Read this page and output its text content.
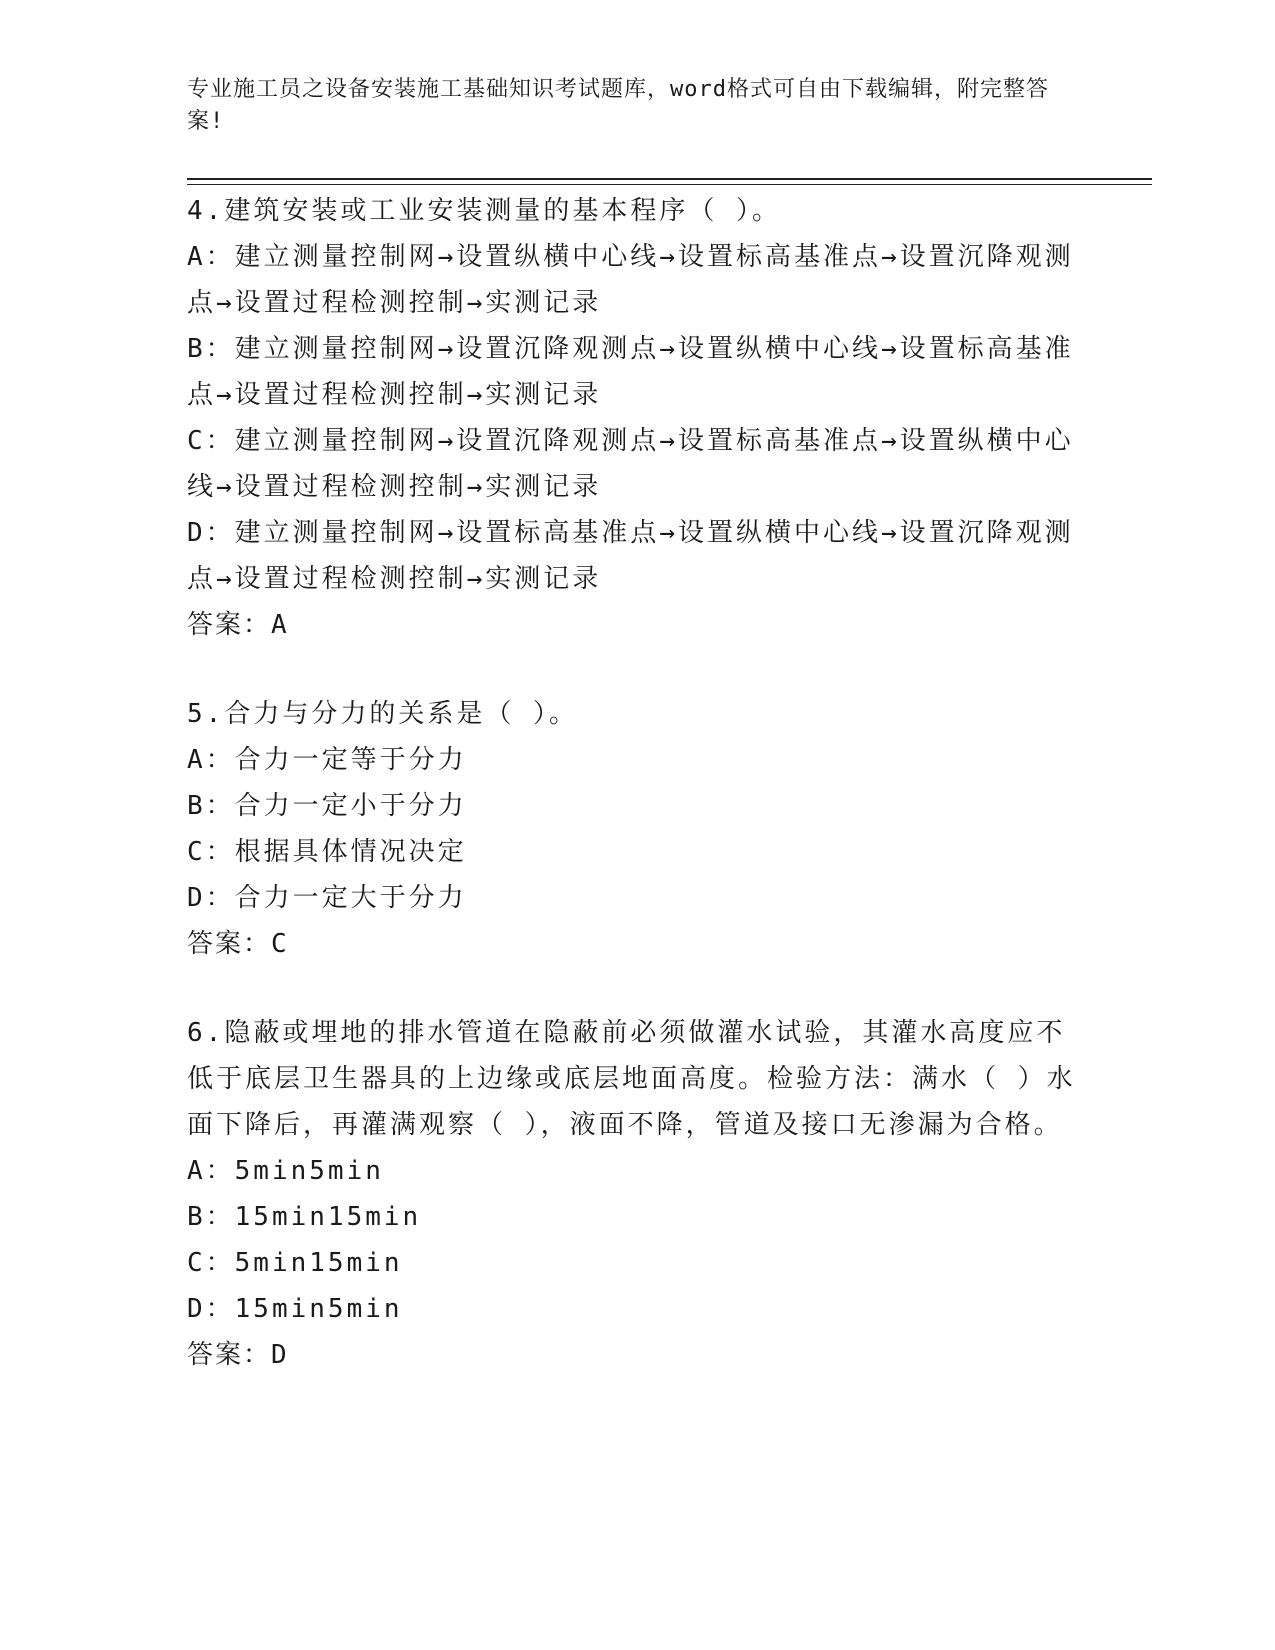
专业施工员之设备安装施工基础知识考试题库，word格式可自由下载编辑，附完整答案!
4.建筑安装或工业安装测量的基本程序（ ）。
A：建立测量控制网→设置纵横中心线→设置标高基准点→设置沉降观测点→设置过程检测控制→实测记录
B：建立测量控制网→设置沉降观测点→设置纵横中心线→设置标高基准点→设置过程检测控制→实测记录
C：建立测量控制网→设置沉降观测点→设置标高基准点→设置纵横中心线→设置过程检测控制→实测记录
D：建立测量控制网→设置标高基准点→设置纵横中心线→设置沉降观测点→设置过程检测控制→实测记录
答案：A
5.合力与分力的关系是（ ）。
A：合力一定等于分力
B：合力一定小于分力
C：根据具体情况决定
D：合力一定大于分力
答案：C
6.隐蔽或埋地的排水管道在隐蔽前必须做灌水试验，其灌水高度应不低于底层卫生器具的上边缘或底层地面高度。检验方法：满水（ ）水面下降后，再灌满观察（ ），液面不降，管道及接口无渗漏为合格。
A：5min5min
B：15min15min
C：5min15min
D：15min5min
答案：D
